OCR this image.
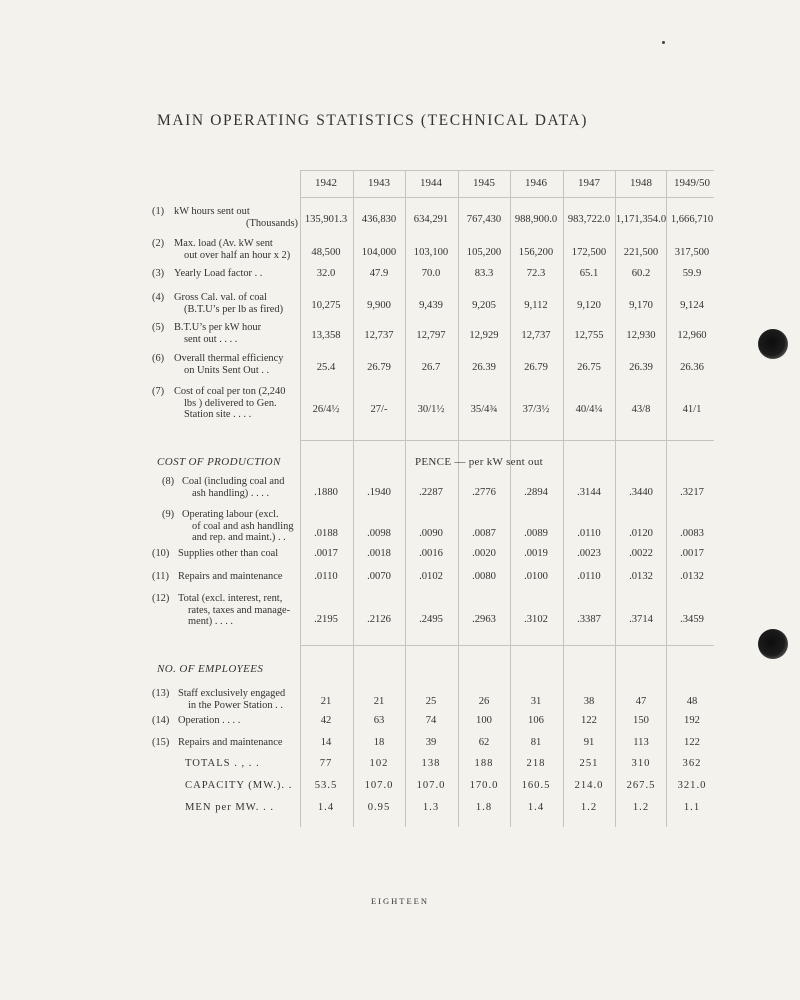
MAIN OPERATING STATISTICS (TECHNICAL DATA)
1942	1943	1944	1945	1946	1947	1948	1949/50
(1) kW hours sent out
(Thousands) 135,901.3	436,830	634,291	767,430	988,900.0	983,722.0 1,171,354.0 1,666,710
(2) Max. load (Av. kW sent
out over half an hour x 2)	48,500	104,000	103,100	105,200	156,200	172,500	221,500	317,500
(3) Yearly Load factor . .	32.0	47.9	70.0	83.3	72.3	65.1	60.2	59.9
(4) Gross Cal. val. of coal
(B.T.U’s per lb as fired)	10,275	9,900	9,439	9,205	9,112	9,120	9,170	9,124
(5) B.T.U’s per kW hour
sent out . . . .	13,358	12,737	12,797	12,929	12,737	12,755	12,930	12,960
(6) Overall thermal efficiency
on Units Sent Out . .	25.4	26.79	26.7	26.39	26.79	26.75	26.39	26.36
(7) Cost of coal per ton (2,240
lbs ) delivered to Gen.
Station site . . . .	26/4½	27/-	30/1½	35/4¾	37/3½	40/4¼	43/8	41/1
(8) Coal (including coal and
ash handling) . . . .	.1880	.1940	.2287	.2776	.2894	.3144	.3440	.3217
(9) Operating labour (excl.
of coal and ash handling
and rep. and maint.) . .	.0188	.0098	.0090	.0087	.0089	.0110	.0120	.0083
(10) Supplies other than coal	.0017	.0018	.0016	.0020	.0019	.0023	.0022	.0017
(11) Repairs and maintenance	.0110	.0070	.0102	.0080	.0100	.0110	.0132	.0132
(12) Total (excl. interest, rent,
rates, taxes and manage-
ment) . . . .	.2195	.2126	.2495	.2963	.3102	.3387	.3714	.3459
(13) Staff exclusively engaged
in the Power Station . .	21	21	25	26	31	38	47	48
(14) Operation . . . .	42	63	74	100	106	122	150	192
(15) Repairs and maintenance	14	18	39	62	81	91	113	122
TOTALS . , . .	77	102	138	188	218	251	310	362
CAPACITY (MW.). .	53.5	107.0	107.0	170.0	160.5	214.0	267.5	321.0
MEN per MW. . .	1.4	0.95	1.3	1.8	1.4	1.2	1.2	1.1
COST OF PRODUCTION	PENCE — per kW sent out
NO. OF EMPLOYEES
EIGHTEEN
